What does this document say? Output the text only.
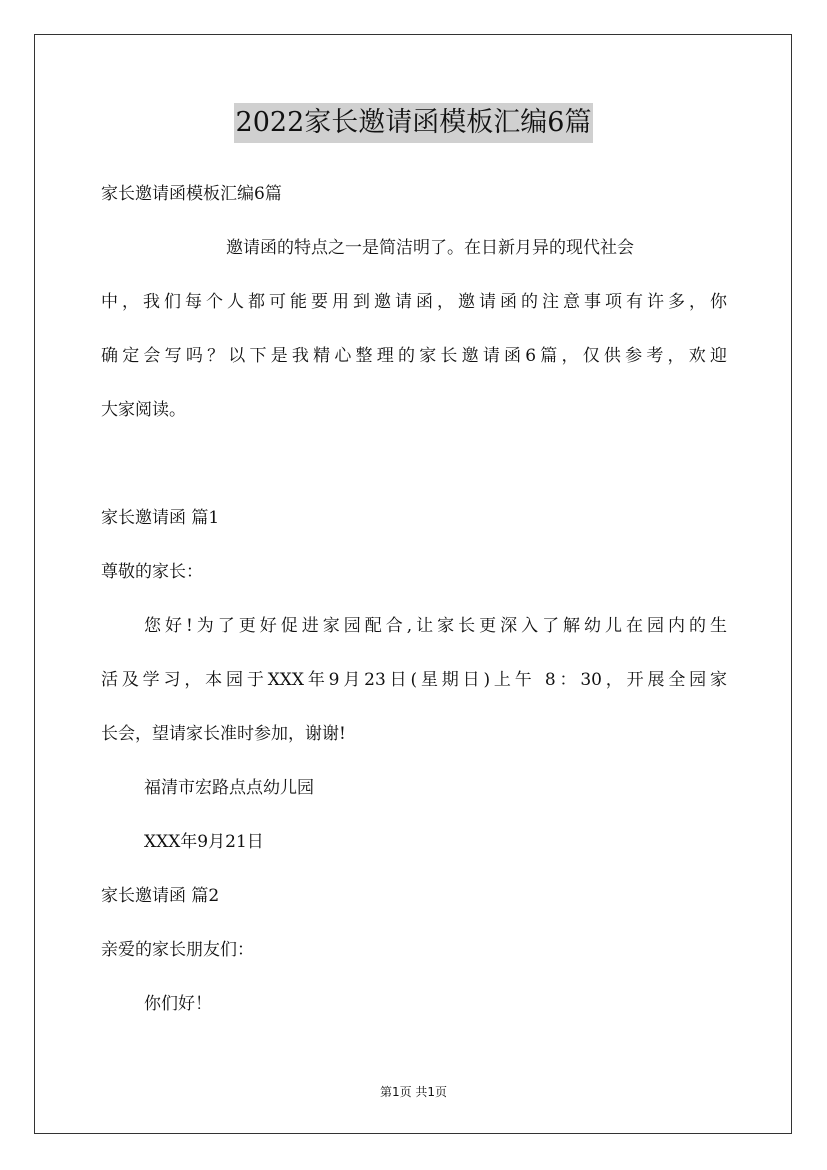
2022家长邀请函模板汇编6篇
家长邀请函模板汇编6篇
邀请函的特点之一是简洁明了。在日新月异的现代社会
中，我们每个人都可能要用到邀请函，邀请函的注意事项有许多，你
确定会写吗？以下是我精心整理的家长邀请函6篇，仅供参考，欢迎
大家阅读。
家长邀请函 篇1
尊敬的家长：
您好!为了更好促进家园配合,让家长更深入了解幼儿在园内的生
活及学习，本园于XXX年9月23日(星期日)上午 8：30，开展全园家
长会，望请家长准时参加，谢谢!
福清市宏路点点幼儿园
XXX年9月21日
家长邀请函 篇2
亲爱的家长朋友们：
你们好！
第1页 共1页
